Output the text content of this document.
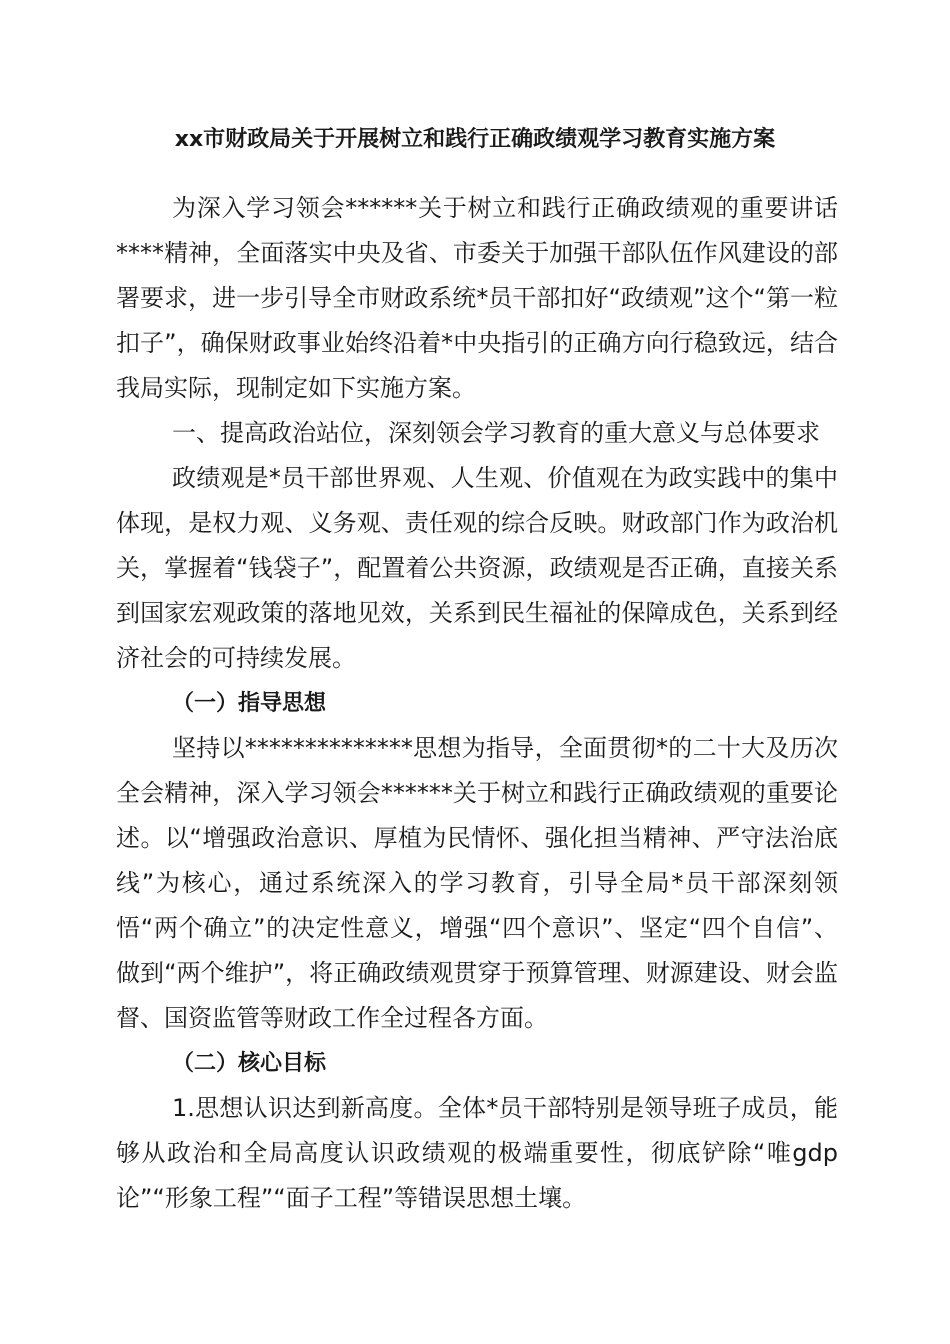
xx市财政局关于开展树立和践行正确政绩观学习教育实施方案

为深入学习领会******关于树立和践行正确政绩观的重要讲话****精神，全面落实中央及省、市委关于加强干部队伍作风建设的部署要求，进一步引导全市财政系统*员干部扣好“政绩观”这个“第一粒扣子”，确保财政事业始终沿着*中央指引的正确方向行稳致远，结合我局实际，现制定如下实施方案。

一、提高政治站位，深刻领会学习教育的重大意义与总体要求

政绩观是*员干部世界观、人生观、价值观在为政实践中的集中体现，是权力观、义务观、责任观的综合反映。财政部门作为政治机关，掌握着“钱袋子”，配置着公共资源，政绩观是否正确，直接关系到国家宏观政策的落地见效，关系到民生福祉的保障成色，关系到经济社会的可持续发展。

（一）指导思想

坚持以**************思想为指导，全面贯彻*的二十大及历次全会精神，深入学习领会******关于树立和践行正确政绩观的重要论述。以“增强政治意识、厚植为民情怀、强化担当精神、严守法治底线”为核心，通过系统深入的学习教育，引导全局*员干部深刻领悟“两个确立”的决定性意义，增强“四个意识”、坚定“四个自信”、做到“两个维护”，将正确政绩观贯穿于预算管理、财源建设、财会监督、国资监管等财政工作全过程各方面。

（二）核心目标

1.思想认识达到新高度。全体*员干部特别是领导班子成员，能够从政治和全局高度认识政绩观的极端重要性，彻底铲除“唯gdp论”“形象工程”“面子工程”等错误思想土壤。
